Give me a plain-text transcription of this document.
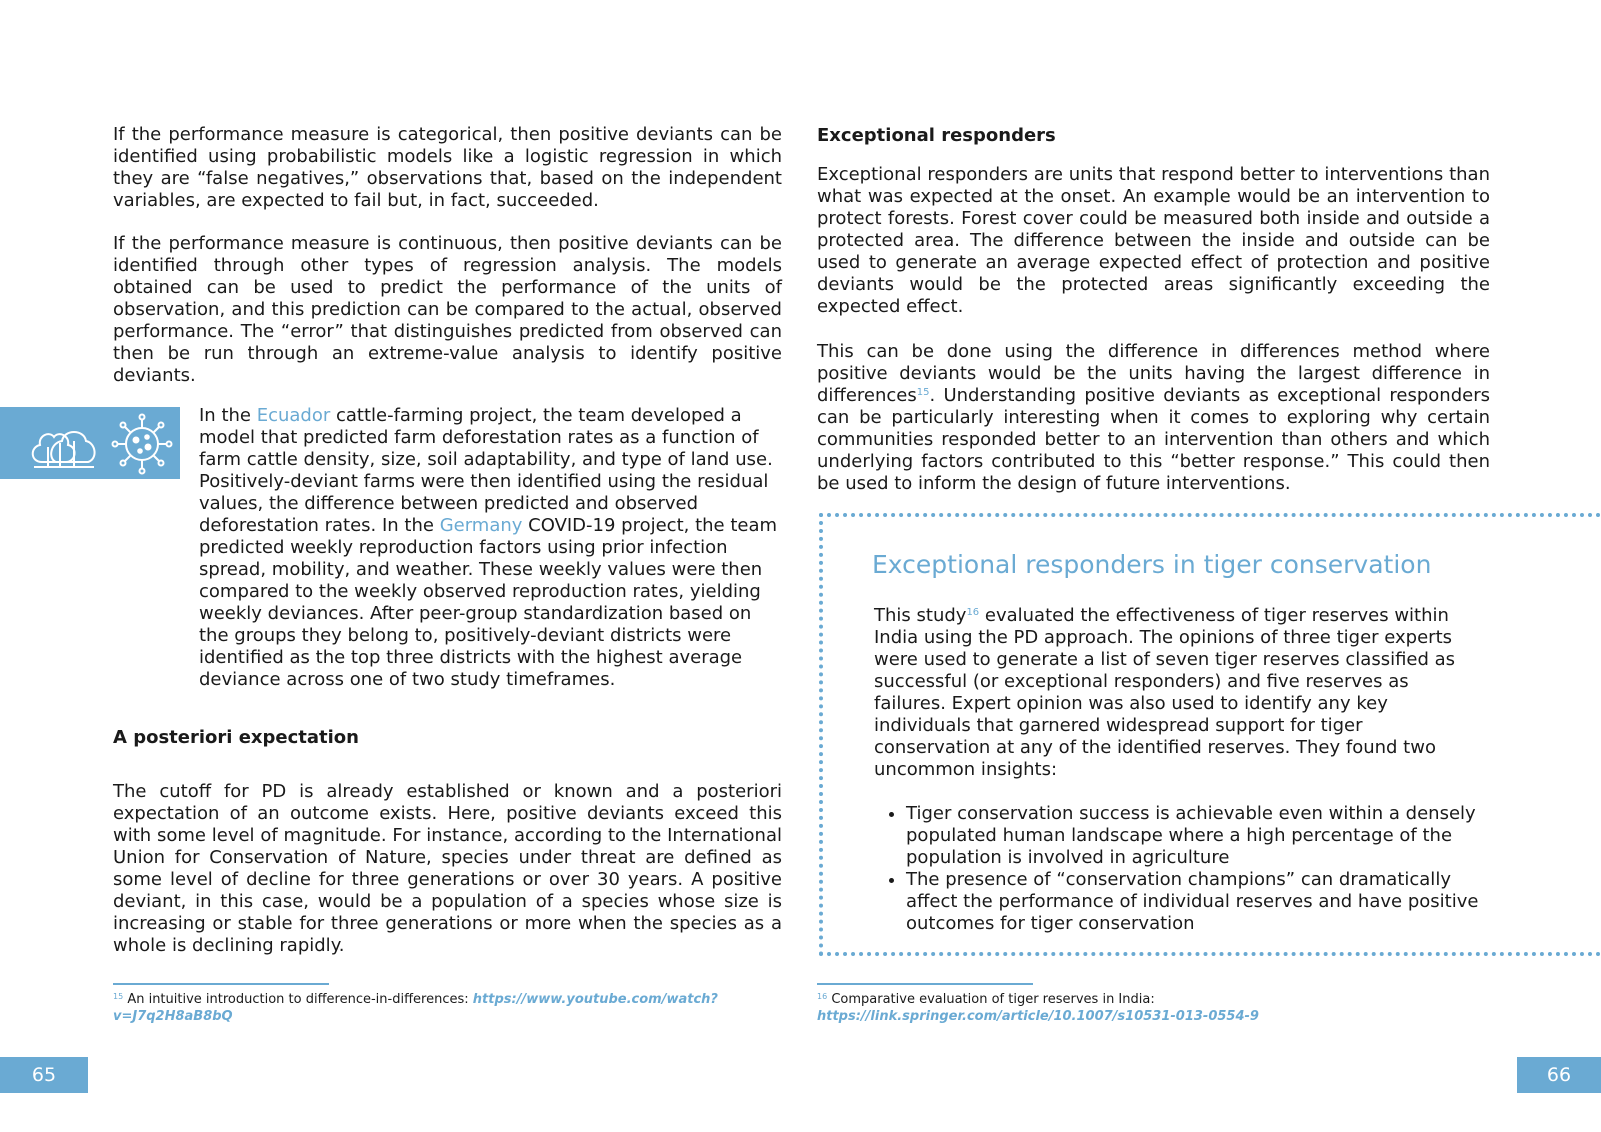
If the performance measure is categorical, then positive deviants can be identified using probabilistic models like a logistic regression in which they are “false negatives,” observations that, based on the independent variables, are expected to fail but, in fact, succeeded.

If the performance measure is continuous, then positive deviants can be identified through other types of regression analysis. The models obtained can be used to predict the performance of the units of observation, and this prediction can be compared to the actual, observed performance. The “error” that distinguishes predicted from observed can then be run through an extreme-value analysis to identify positive deviants.

In the Ecuador cattle-farming project, the team developed a model that predicted farm deforestation rates as a function of farm cattle density, size, soil adaptability, and type of land use. Positively-deviant farms were then identified using the residual values, the difference between predicted and observed deforestation rates. In the Germany COVID-19 project, the team predicted weekly reproduction factors using prior infection spread, mobility, and weather. These weekly values were then compared to the weekly observed reproduction rates, yielding weekly deviances. After peer-group standardization based on the groups they belong to, positively-deviant districts were identified as the top three districts with the highest average deviance across one of two study timeframes.

A posteriori expectation

The cutoff for PD is already established or known and a posteriori expectation of an outcome exists. Here, positive deviants exceed this with some level of magnitude. For instance, according to the International Union for Conservation of Nature, species under threat are defined as some level of decline for three generations or over 30 years. A positive deviant, in this case, would be a population of a species whose size is increasing or stable for three generations or more when the species as a whole is declining rapidly.

$^{15}$ An intuitive introduction to difference-in-differences: https://www.youtube.com/watch?v=J7q2H8aB8bQ

65

Exceptional responders

Exceptional responders are units that respond better to interventions than what was expected at the onset. An example would be an intervention to protect forests. Forest cover could be measured both inside and outside a protected area. The difference between the inside and outside can be used to generate an average expected effect of protection and positive deviants would be the protected areas significantly exceeding the expected effect.

This can be done using the difference in differences method where positive deviants would be the units having the largest difference in differences$^{15}$. Understanding positive deviants as exceptional responders can be particularly interesting when it comes to exploring why certain communities responded better to an intervention than others and which underlying factors contributed to this “better response.” This could then be used to inform the design of future interventions.

Exceptional responders in tiger conservation

This study$^{16}$ evaluated the effectiveness of tiger reserves within India using the PD approach. The opinions of three tiger experts were used to generate a list of seven tiger reserves classified as successful (or exceptional responders) and five reserves as failures. Expert opinion was also used to identify any key individuals that garnered widespread support for tiger conservation at any of the identified reserves. They found two uncommon insights:

• Tiger conservation success is achievable even within a densely populated human landscape where a high percentage of the population is involved in agriculture
• The presence of “conservation champions” can dramatically affect the performance of individual reserves and have positive outcomes for tiger conservation

$^{16}$ Comparative evaluation of tiger reserves in India: https://link.springer.com/article/10.1007/s10531-013-0554-9

66
